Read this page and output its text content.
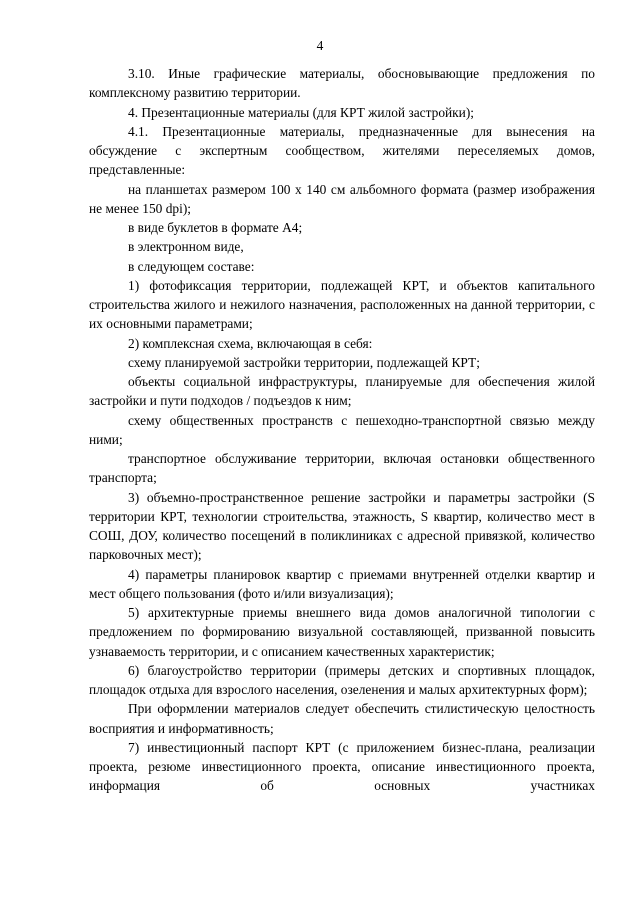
4

3.10. Иные графические материалы, обосновывающие предложения по комплексному развитию территории.

4. Презентационные материалы (для КРТ жилой застройки);

4.1. Презентационные материалы, предназначенные для вынесения на обсуждение с экспертным сообществом, жителями переселяемых домов, представленные:

на планшетах размером 100 x 140 см альбомного формата (размер изображения не менее 150 dpi);

в виде буклетов в формате А4;

в электронном виде,

в следующем составе:

1) фотофиксация территории, подлежащей КРТ, и объектов капитального строительства жилого и нежилого назначения, расположенных на данной территории, с их основными параметрами;

2) комплексная схема, включающая в себя:

схему планируемой застройки территории, подлежащей КРТ;

объекты социальной инфраструктуры, планируемые для обеспечения жилой застройки и пути подходов / подъездов к ним;

схему общественных пространств с пешеходно-транспортной связью между ними;

транспортное обслуживание территории, включая остановки общественного транспорта;

3) объемно-пространственное решение застройки и параметры застройки (S территории КРТ, технологии строительства, этажность, S квартир, количество мест в СОШ, ДОУ, количество посещений в поликлиниках с адресной привязкой, количество парковочных мест);

4) параметры планировок квартир с приемами внутренней отделки квартир и мест общего пользования (фото и/или визуализация);

5) архитектурные приемы внешнего вида домов аналогичной типологии с предложением по формированию визуальной составляющей, призванной повысить узнаваемость территории, и с описанием качественных характеристик;

6) благоустройство территории (примеры детских и спортивных площадок, площадок отдыха для взрослого населения, озеленения и малых архитектурных форм);

При оформлении материалов следует обеспечить стилистическую целостность восприятия и информативность;

7) инвестиционный паспорт КРТ (с приложением бизнес-плана, реализации проекта, резюме инвестиционного проекта, описание инвестиционного проекта, информация об основных участниках
